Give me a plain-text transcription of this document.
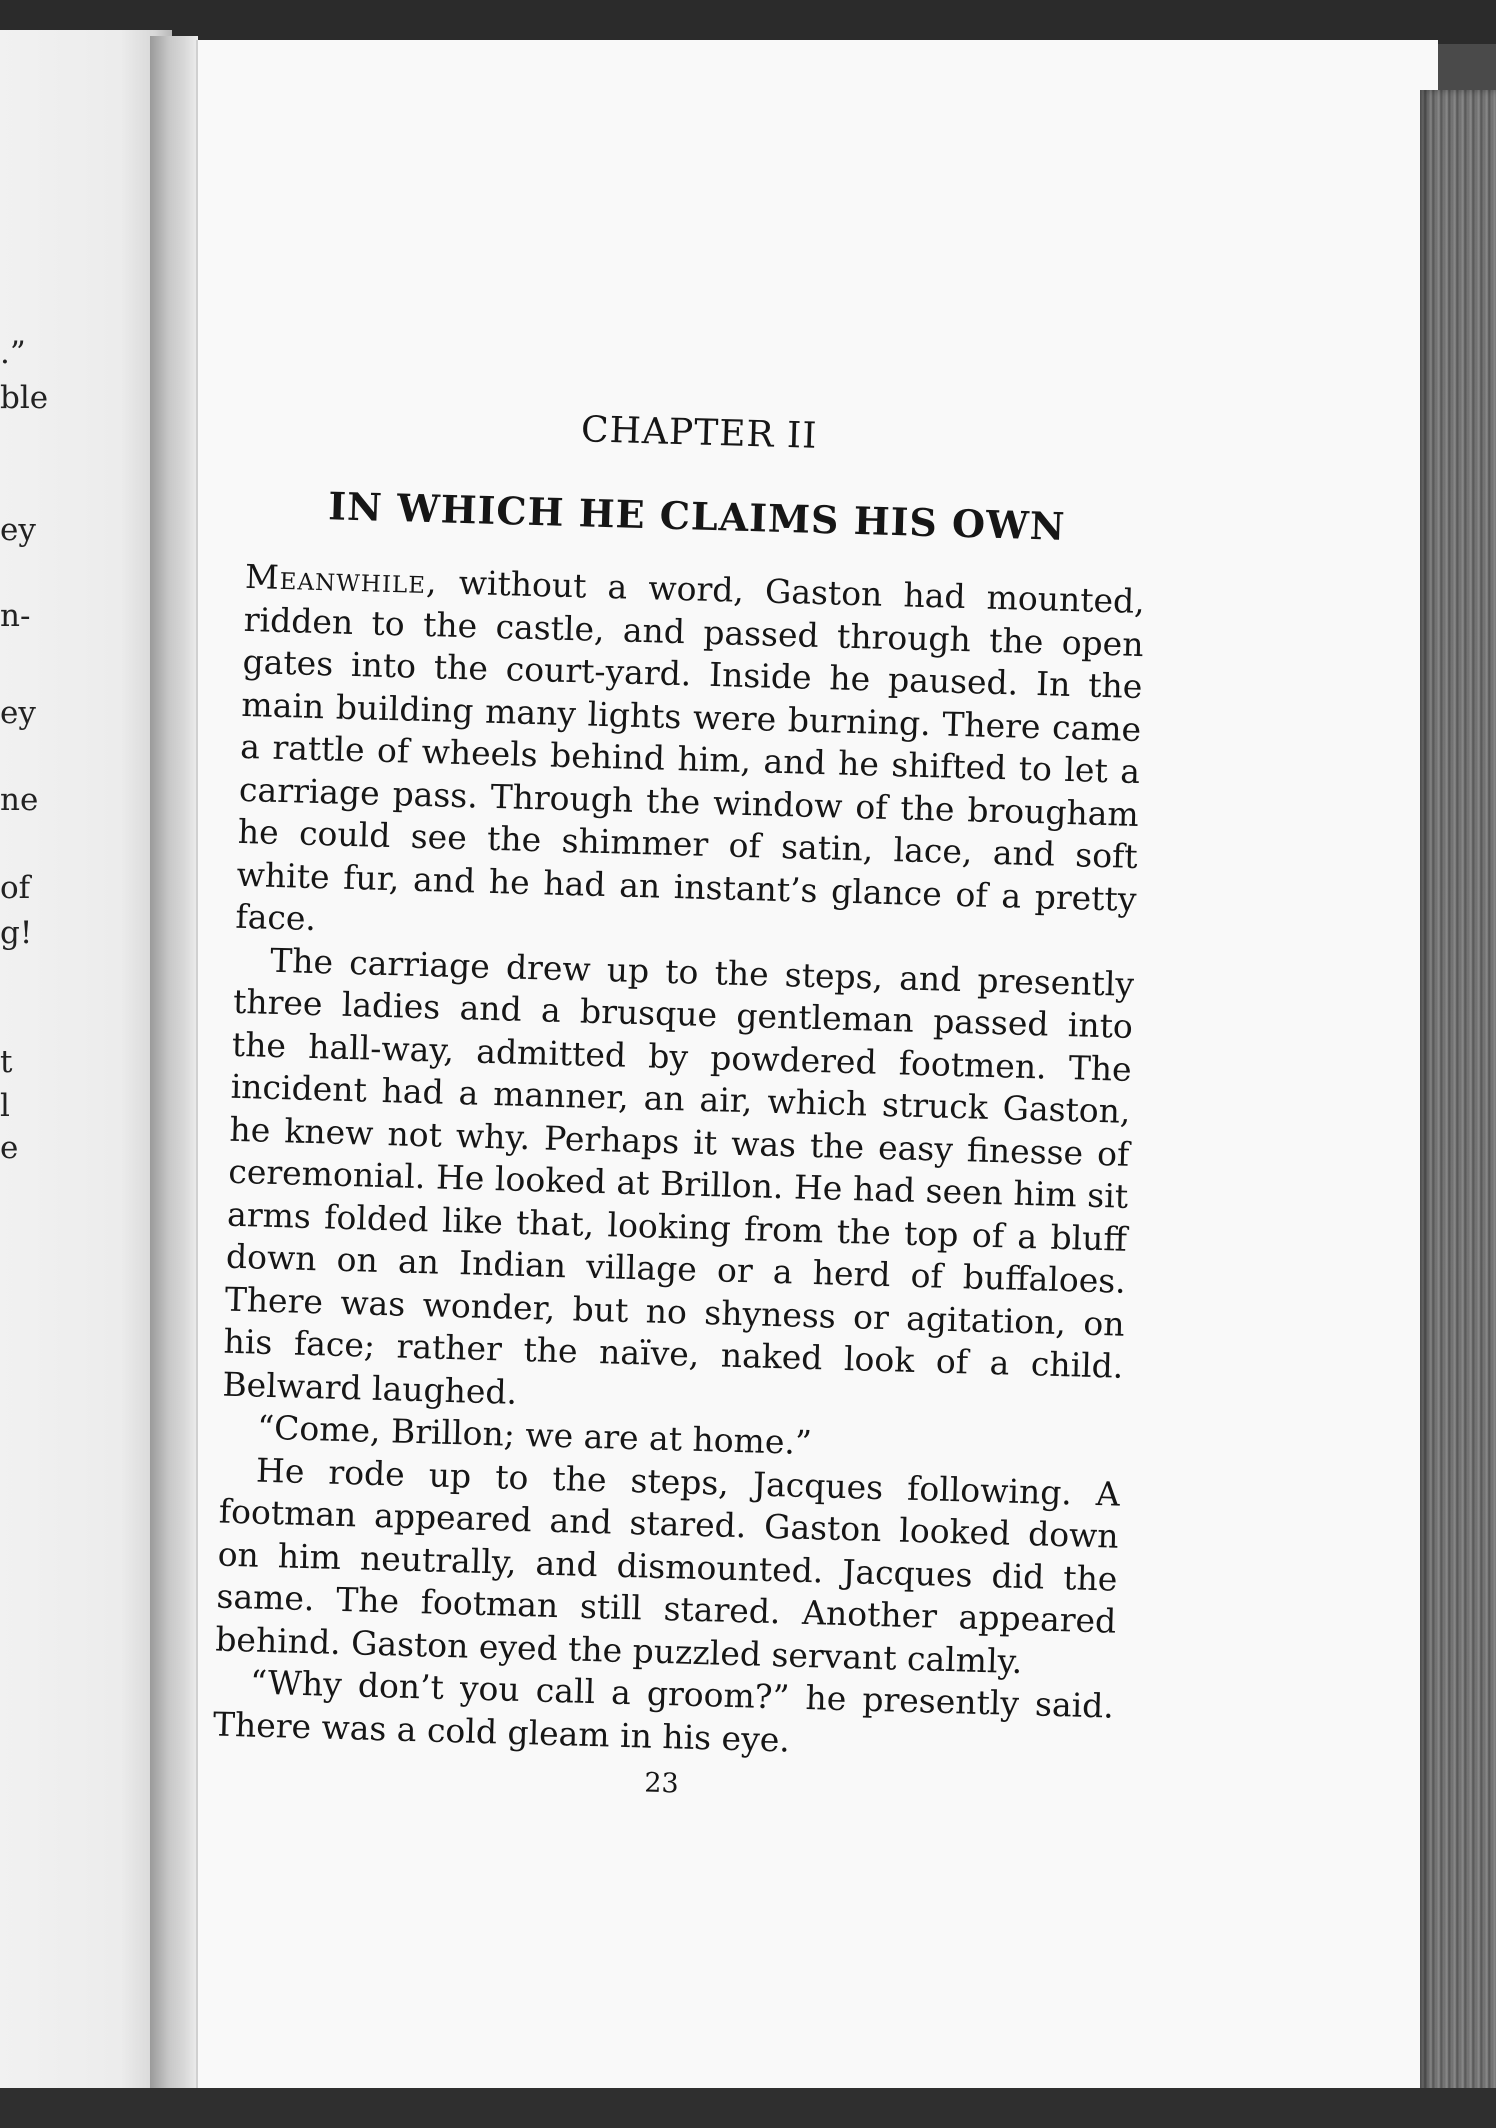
.”
ble
ey
n-
ey
ne
of
g!
t
l
e
CHAPTER II
IN WHICH HE CLAIMS HIS OWN

Meanwhile, without a word, Gaston had mounted, ridden to the castle, and passed through the open gates into the court-yard. Inside he paused. In the main building many lights were burning. There came a rattle of wheels behind him, and he shifted to let a carriage pass. Through the window of the brougham he could see the shimmer of satin, lace, and soft white fur, and he had an instant’s glance of a pretty face.

The carriage drew up to the steps, and presently three ladies and a brusque gentleman passed into the hall-way, admitted by powdered footmen. The incident had a manner, an air, which struck Gaston, he knew not why. Perhaps it was the easy finesse of ceremonial. He looked at Brillon. He had seen him sit arms folded like that, looking from the top of a bluff down on an Indian village or a herd of buffaloes. There was wonder, but no shyness or agitation, on his face; rather the naïve, naked look of a child. Belward laughed.

“Come, Brillon; we are at home.”

He rode up to the steps, Jacques following. A footman appeared and stared. Gaston looked down on him neutrally, and dismounted. Jacques did the same. The footman still stared. Another appeared behind. Gaston eyed the puzzled servant calmly.

“Why don’t you call a groom?” he presently said. There was a cold gleam in his eye.

23
